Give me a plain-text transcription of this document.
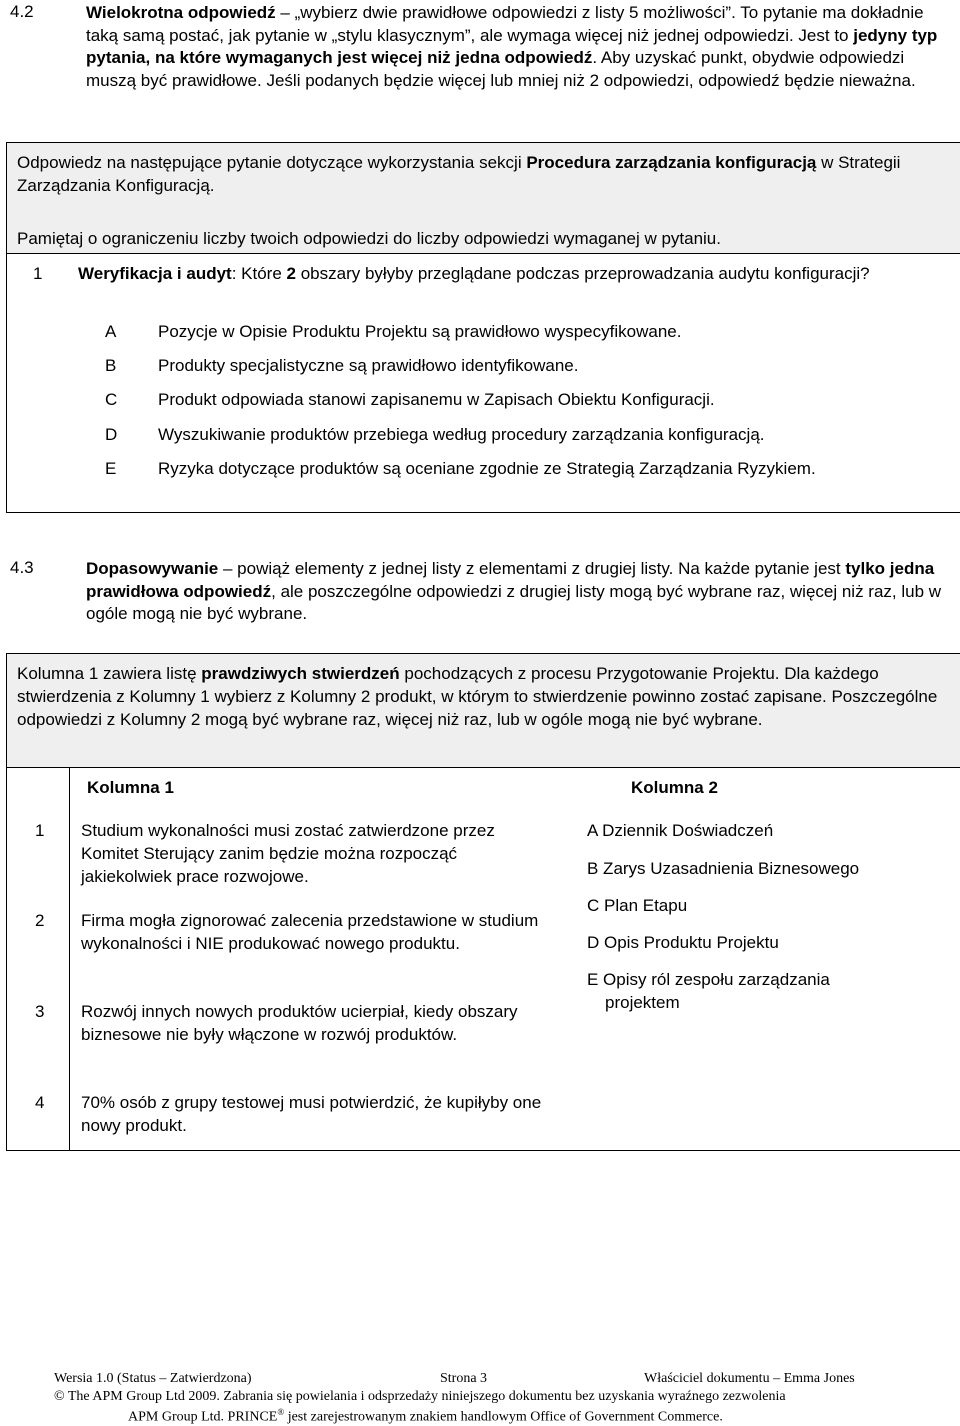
4.2	Wielokrotna odpowiedź – „wybierz dwie prawidłowe odpowiedzi z listy 5 możliwości”. To pytanie ma dokładnie taką samą postać, jak pytanie w „stylu klasycznym”, ale wymaga więcej niż jednej odpowiedzi. Jest to jedyny typ pytania, na które wymaganych jest więcej niż jedna odpowiedź. Aby uzyskać punkt, obydwie odpowiedzi muszą być prawidłowe. Jeśli podanych będzie więcej lub mniej niż 2 odpowiedzi, odpowiedź będzie nieważna.
Odpowiedz na następujące pytanie dotyczące wykorzystania sekcji Procedura zarządzania konfiguracją w Strategii Zarządzania Konfiguracją.
Pamiętaj o ograniczeniu liczby twoich odpowiedzi do liczby odpowiedzi wymaganej w pytaniu.
1 Weryfikacja i audyt: Które 2 obszary byłyby przeglądane podczas przeprowadzania audytu konfiguracji?
A Pozycje w Opisie Produktu Projektu są prawidłowo wyspecyfikowane.
B Produkty specjalistyczne są prawidłowo identyfikowane.
C Produkt odpowiada stanowi zapisanemu w Zapisach Obiektu Konfiguracji.
D Wyszukiwanie produktów przebiega według procedury zarządzania konfiguracją.
E Ryzyka dotyczące produktów są oceniane zgodnie ze Strategią Zarządzania Ryzykiem.
4.3	Dopasowywanie – powiąż elementy z jednej listy z elementami z drugiej listy. Na każde pytanie jest tylko jedna prawidłowa odpowiedź, ale poszczególne odpowiedzi z drugiej listy mogą być wybrane raz, więcej niż raz, lub w ogóle mogą nie być wybrane.
Kolumna 1 zawiera listę prawdziwych stwierdzeń pochodzących z procesu Przygotowanie Projektu. Dla każdego stwierdzenia z Kolumny 1 wybierz z Kolumny 2 produkt, w którym to stwierdzenie powinno zostać zapisane. Poszczególne odpowiedzi z Kolumny 2 mogą być wybrane raz, więcej niż raz, lub w ogóle mogą nie być wybrane.
Kolumna 1	Kolumna 2
1 Studium wykonalności musi zostać zatwierdzone przez Komitet Sterujący zanim będzie można rozpocząć jakiekolwiek prace rozwojowe.
2 Firma mogła zignorować zalecenia przedstawione w studium wykonalności i NIE produkować nowego produktu.
3 Rozwój innych nowych produktów ucierpiał, kiedy obszary biznesowe nie były włączone w rozwój produktów.
4 70% osób z grupy testowej musi potwierdzić, że kupiłyby one nowy produkt.
A Dziennik Doświadczeń
B Zarys Uzasadnienia Biznesowego
C Plan Etapu
D Opis Produktu Projektu
E Opisy ról zespołu zarządzania projektem
Wersia 1.0 (Status – Zatwierdzona)	Strona 3	Właściciel dokumentu – Emma Jones
© The APM Group Ltd 2009. Zabrania się powielania i odsprzedaży niniejszego dokumentu bez uzyskania wyraźnego zezwolenia
APM Group Ltd. PRINCE® jest zarejestrowanym znakiem handlowym Office of Government Commerce.
